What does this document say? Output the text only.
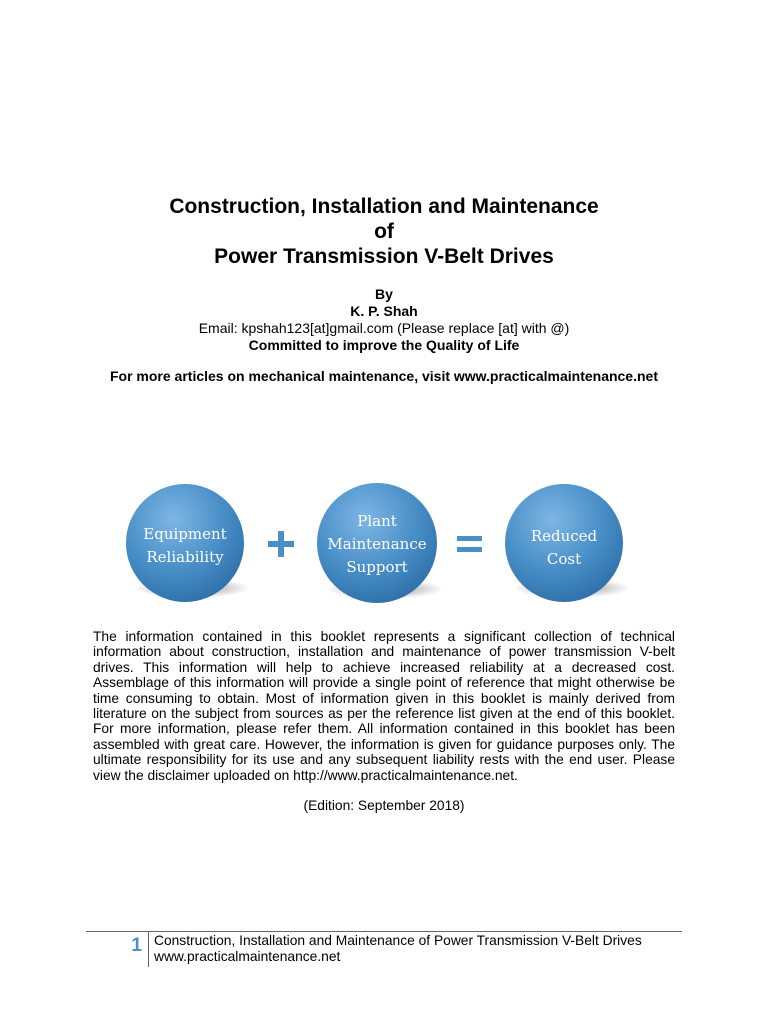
Construction, Installation and Maintenance
of
Power Transmission V-Belt Drives
By
K. P. Shah
Email: kpshah123[at]gmail.com (Please replace [at] with @)
Committed to improve the Quality of Life
For more articles on mechanical maintenance, visit www.practicalmaintenance.net
Equipment
Reliability
Plant
Maintenance
Support
Reduced
Cost
The information contained in this booklet represents a significant collection of technical information about construction, installation and maintenance of power transmission V-belt drives. This information will help to achieve increased reliability at a decreased cost. Assemblage of this information will provide a single point of reference that might otherwise be time consuming to obtain. Most of information given in this booklet is mainly derived from literature on the subject from sources as per the reference list given at the end of this booklet. For more information, please refer them. All information contained in this booklet has been assembled with great care. However, the information is given for guidance purposes only. The ultimate responsibility for its use and any subsequent liability rests with the end user. Please view the disclaimer uploaded on http://www.practicalmaintenance.net.
(Edition: September 2018)
1 Construction, Installation and Maintenance of Power Transmission V-Belt Drives
www.practicalmaintenance.net
